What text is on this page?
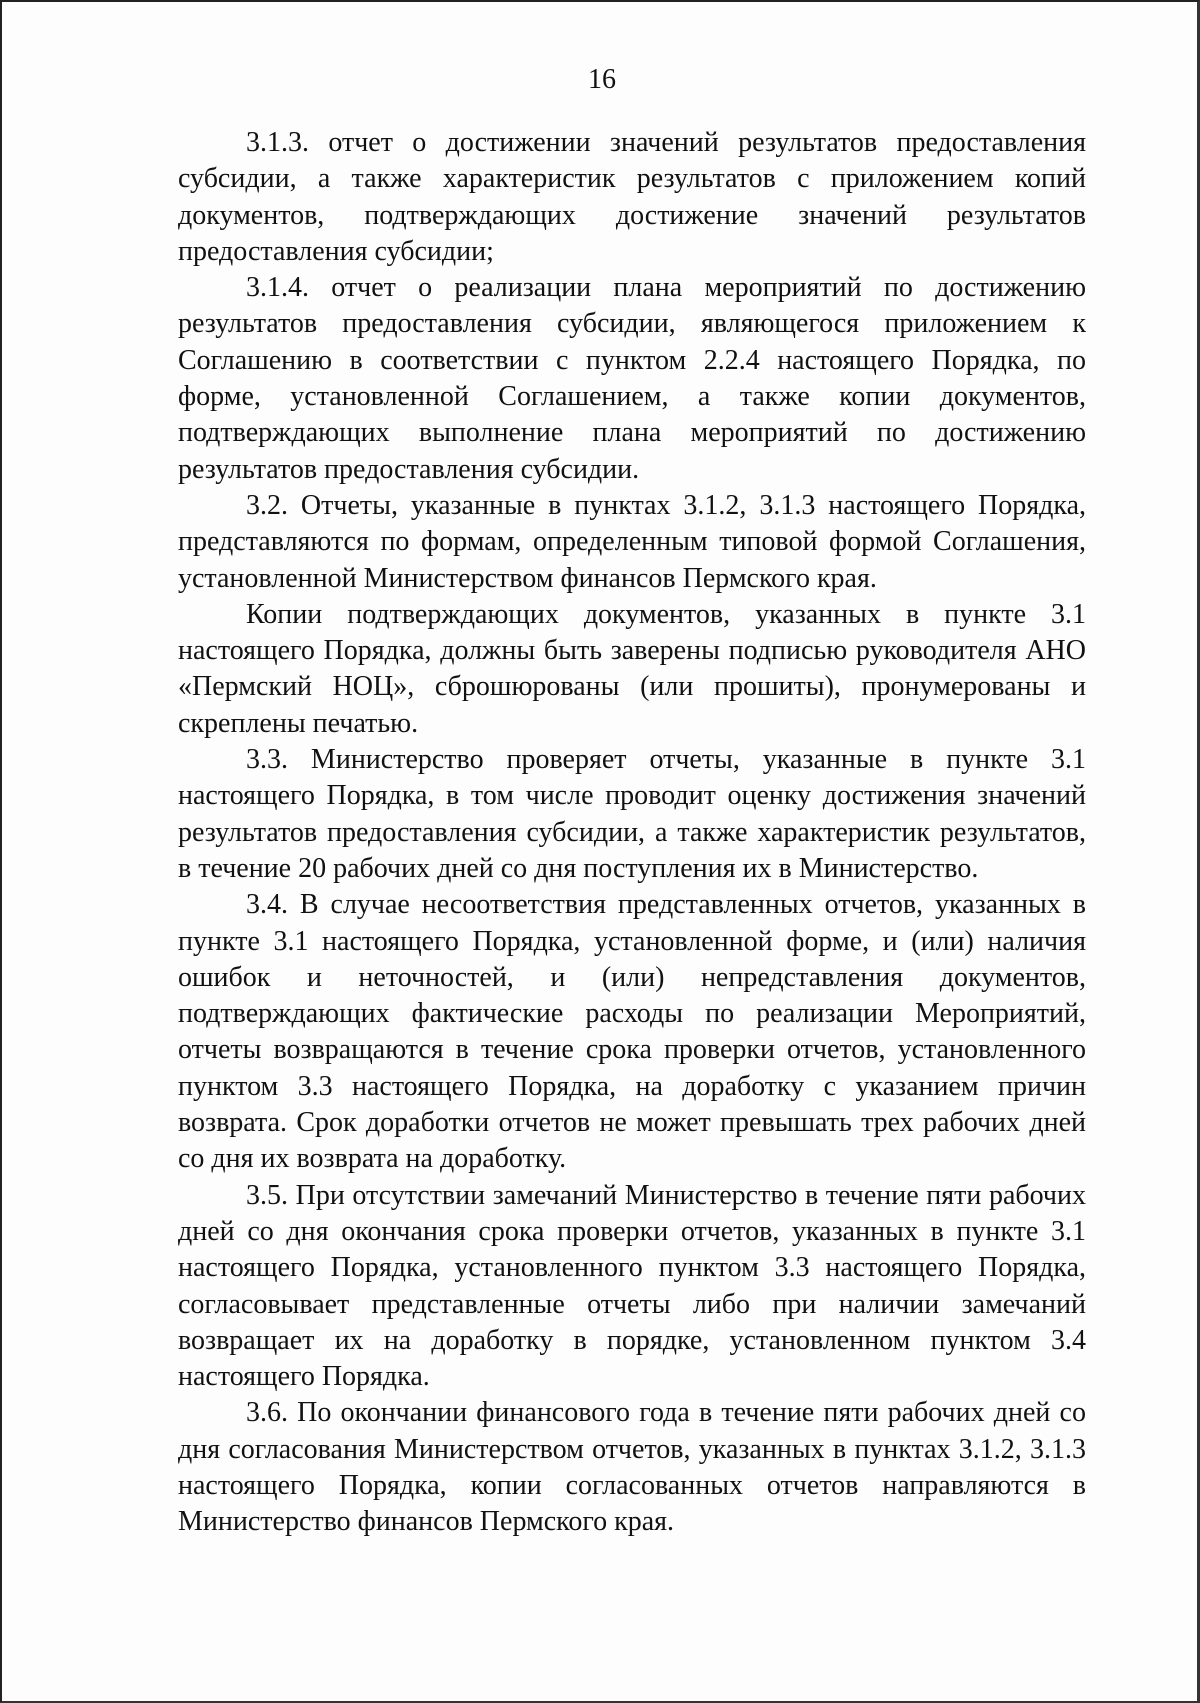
16

3.1.3. отчет о достижении значений результатов предоставления субсидии, а также характеристик результатов с приложением копий документов, подтверждающих достижение значений результатов предоставления субсидии;

3.1.4. отчет о реализации плана мероприятий по достижению результатов предоставления субсидии, являющегося приложением к Соглашению в соответствии с пунктом 2.2.4 настоящего Порядка, по форме, установленной Соглашением, а также копии документов, подтверждающих выполнение плана мероприятий по достижению результатов предоставления субсидии.

3.2. Отчеты, указанные в пунктах 3.1.2, 3.1.3 настоящего Порядка, представляются по формам, определенным типовой формой Соглашения, установленной Министерством финансов Пермского края.

Копии подтверждающих документов, указанных в пункте 3.1 настоящего Порядка, должны быть заверены подписью руководителя АНО «Пермский НОЦ», сброшюрованы (или прошиты), пронумерованы и скреплены печатью.

3.3. Министерство проверяет отчеты, указанные в пункте 3.1 настоящего Порядка, в том числе проводит оценку достижения значений результатов предоставления субсидии, а также характеристик результатов, в течение 20 рабочих дней со дня поступления их в Министерство.

3.4. В случае несоответствия представленных отчетов, указанных в пункте 3.1 настоящего Порядка, установленной форме, и (или) наличия ошибок и неточностей, и (или) непредставления документов, подтверждающих фактические расходы по реализации Мероприятий, отчеты возвращаются в течение срока проверки отчетов, установленного пунктом 3.3 настоящего Порядка, на доработку с указанием причин возврата. Срок доработки отчетов не может превышать трех рабочих дней со дня их возврата на доработку.

3.5. При отсутствии замечаний Министерство в течение пяти рабочих дней со дня окончания срока проверки отчетов, указанных в пункте 3.1 настоящего Порядка, установленного пунктом 3.3 настоящего Порядка, согласовывает представленные отчеты либо при наличии замечаний возвращает их на доработку в порядке, установленном пунктом 3.4 настоящего Порядка.

3.6. По окончании финансового года в течение пяти рабочих дней со дня согласования Министерством отчетов, указанных в пунктах 3.1.2, 3.1.3 настоящего Порядка, копии согласованных отчетов направляются в Министерство финансов Пермского края.
